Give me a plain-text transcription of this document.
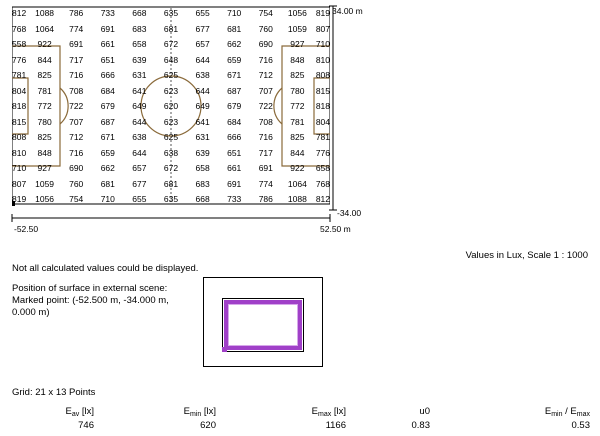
812	1088	786	733	668	635	655	710	754	1056	819
768	1064	774	691	683	681	677	681	760	1059	807
558	922	691	661	658	672	657	662	690	927	710
776	844	717	651	639	648	644	659	716	848	810
781	825	716	666	631	625	638	671	712	825	808
804	781	708	684	641	623	644	687	707	780	815
818	772	722	679	649	620	649	679	722	772	818
815	780	707	687	644	623	641	684	708	781	804
808	825	712	671	638	625	631	666	716	825	781
810	848	716	659	644	638	639	651	717	844	776
710	927	690	662	657	672	658	661	691	922	658
807	1059	760	681	677	681	683	691	774	1064	768
819	1056	754	710	655	635	668	733	786	1088	812
34.00 m
-34.00
-52.50	52.50 m
Values in Lux, Scale 1 : 1000
Not all calculated values could be displayed.
Position of surface in external scene:
Marked point: (-52.500 m, -34.000 m,
0.000 m)
Grid: 21 x 13 Points
$E_{av}$ [lx]
746
$E_{min}$ [lx]
620
$E_{max}$ [lx]
1166
u0
0.83
$E_{min} / E_{max}$
0.53
